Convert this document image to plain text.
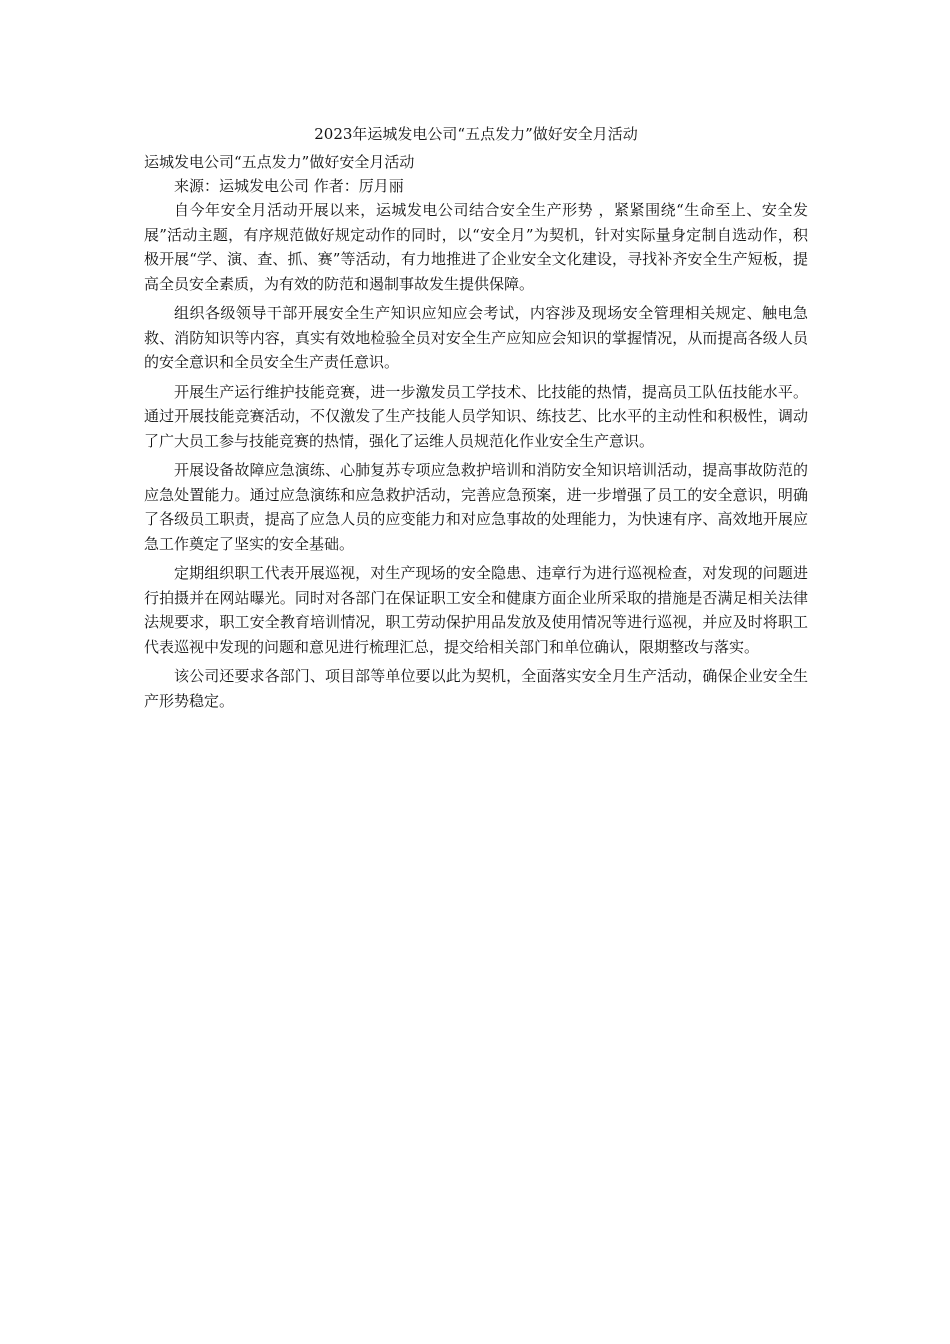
2023年运城发电公司“五点发力”做好安全月活动

运城发电公司“五点发力”做好安全月活动

来源：运城发电公司 作者：厉月丽

自今年安全月活动开展以来，运城发电公司结合安全生产形势 ，紧紧围绕“生命至上、安全发展”活动主题，有序规范做好规定动作的同时，以“安全月”为契机，针对实际量身定制自选动作，积极开展“学、演、查、抓、赛”等活动，有力地推进了企业安全文化建设，寻找补齐安全生产短板，提高全员安全素质，为有效的防范和遏制事故发生提供保障。

组织各级领导干部开展安全生产知识应知应会考试，内容涉及现场安全管理相关规定、触电急救、消防知识等内容，真实有效地检验全员对安全生产应知应会知识的掌握情况，从而提高各级人员的安全意识和全员安全生产责任意识。

开展生产运行维护技能竞赛，进一步激发员工学技术、比技能的热情，提高员工队伍技能水平。通过开展技能竞赛活动，不仅激发了生产技能人员学知识、练技艺、比水平的主动性和积极性，调动了广大员工参与技能竞赛的热情，强化了运维人员规范化作业安全生产意识。

开展设备故障应急演练、心肺复苏专项应急救护培训和消防安全知识培训活动，提高事故防范的应急处置能力。通过应急演练和应急救护活动，完善应急预案，进一步增强了员工的安全意识，明确了各级员工职责，提高了应急人员的应变能力和对应急事故的处理能力，为快速有序、高效地开展应急工作奠定了坚实的安全基础。

定期组织职工代表开展巡视，对生产现场的安全隐患、违章行为进行巡视检查，对发现的问题进行拍摄并在网站曝光。同时对各部门在保证职工安全和健康方面企业所采取的措施是否满足相关法律法规要求，职工安全教育培训情况，职工劳动保护用品发放及使用情况等进行巡视，并应及时将职工代表巡视中发现的问题和意见进行梳理汇总，提交给相关部门和单位确认，限期整改与落实。

该公司还要求各部门、项目部等单位要以此为契机，全面落实安全月生产活动，确保企业安全生产形势稳定。
